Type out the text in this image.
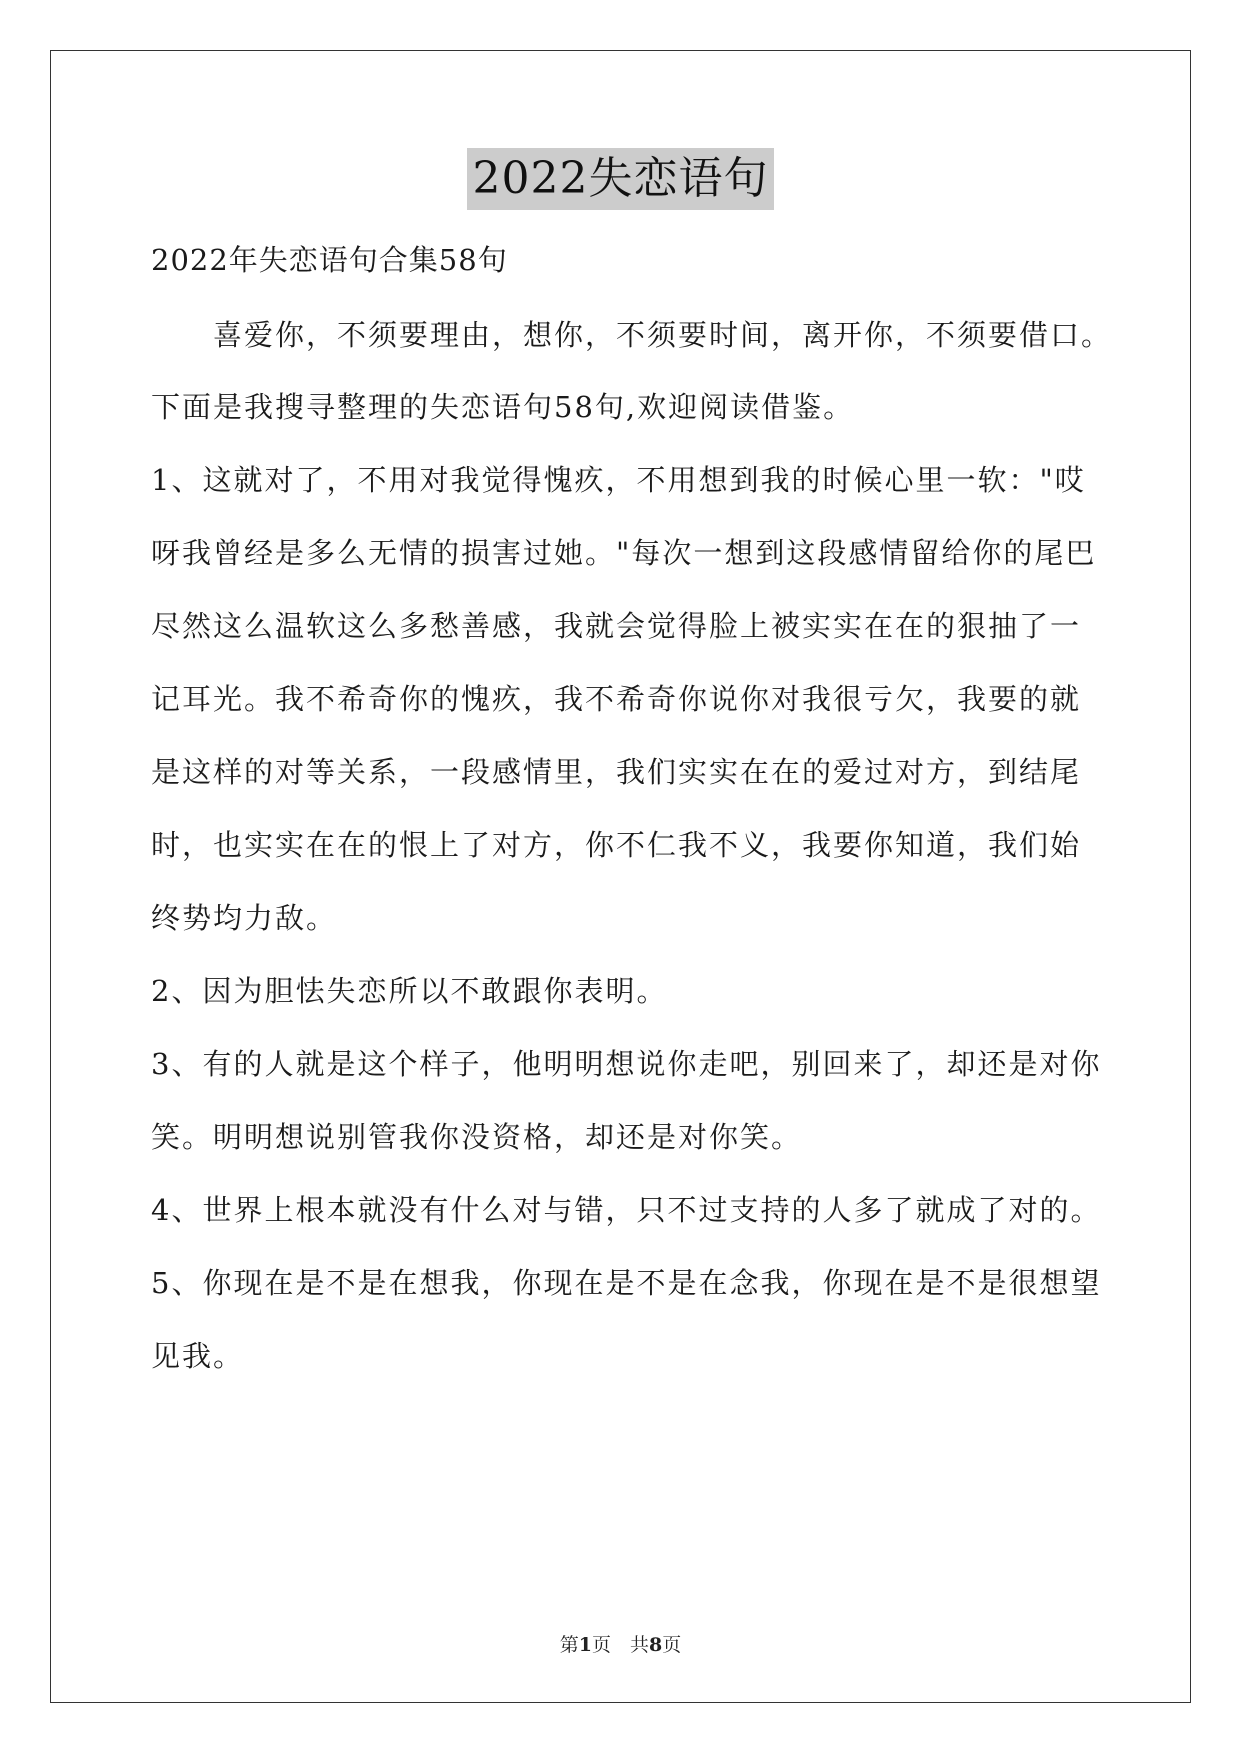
2022失恋语句
2022年失恋语句合集58句
　　喜爱你，不须要理由，想你，不须要时间，离开你，不须要借口。
下面是我搜寻整理的失恋语句58句,欢迎阅读借鉴。
1、这就对了，不用对我觉得愧疚，不用想到我的时候心里一软："哎
呀我曾经是多么无情的损害过她。"每次一想到这段感情留给你的尾巴
尽然这么温软这么多愁善感，我就会觉得脸上被实实在在的狠抽了一
记耳光。我不希奇你的愧疚，我不希奇你说你对我很亏欠，我要的就
是这样的对等关系，一段感情里，我们实实在在的爱过对方，到结尾
时，也实实在在的恨上了对方，你不仁我不义，我要你知道，我们始
终势均力敌。
2、因为胆怯失恋所以不敢跟你表明。
3、有的人就是这个样子，他明明想说你走吧，别回来了，却还是对你
笑。明明想说别管我你没资格，却还是对你笑。
4、世界上根本就没有什么对与错，只不过支持的人多了就成了对的。
5、你现在是不是在想我，你现在是不是在念我，你现在是不是很想望
见我。
第1页　共8页
